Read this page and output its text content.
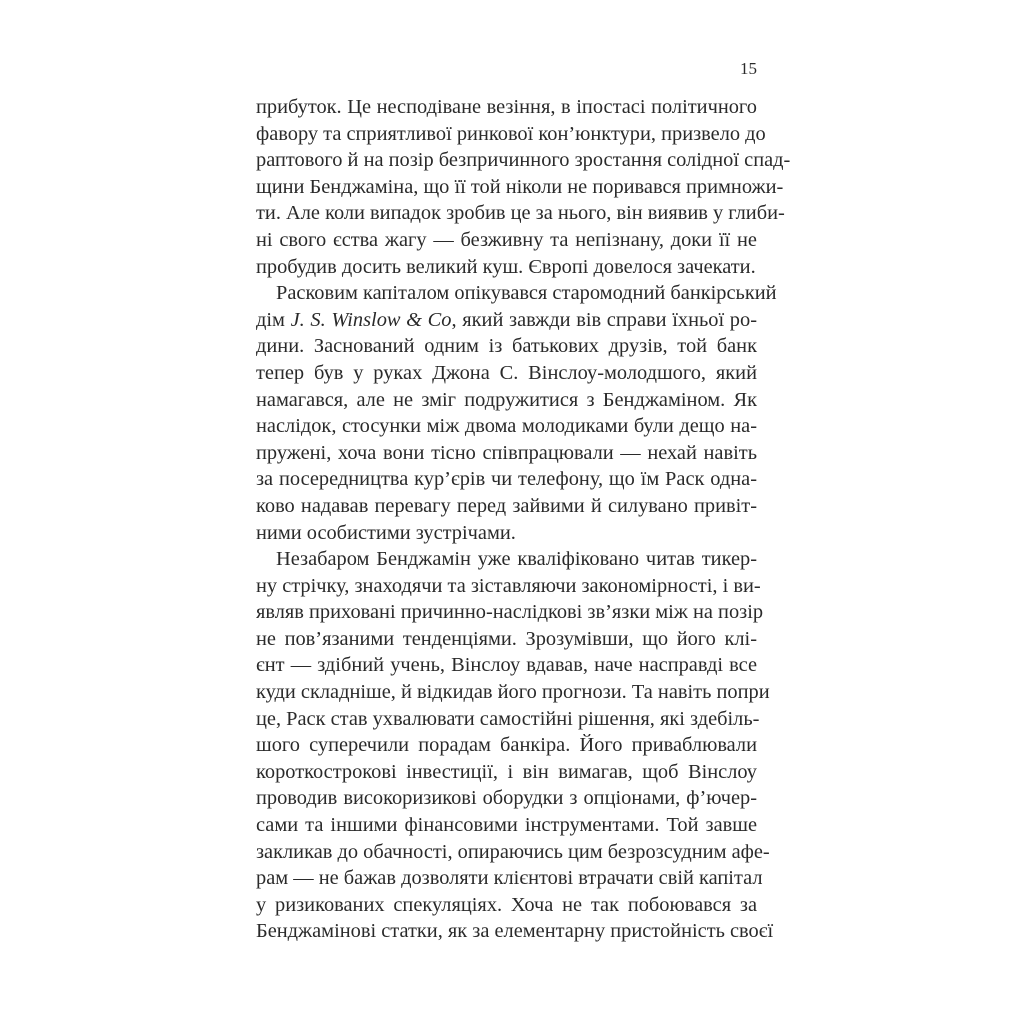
15
прибуток. Це несподіване везіння, в іпостасі політичного
фавору та сприятливої ринкової кон’юнктури, призвело до
раптового й на позір безпричинного зростання солідної спад-
щини Бенджаміна, що її той ніколи не поривався примножи-
ти. Але коли випадок зробив це за нього, він виявив у глиби-
ні свого єства жагу — безживну та непізнану, доки її не
пробудив досить великий куш. Європі довелося зачекати.
Расковим капіталом опікувався старомодний банкірський
дім J. S. Winslow & Co, який завжди вів справи їхньої ро-
дини. Заснований одним із батькових друзів, той банк
тепер був у руках Джона С. Вінслоу-молодшого, який
намагався, але не зміг подружитися з Бенджаміном. Як
наслідок, стосунки між двома молодиками були дещо на-
пружені, хоча вони тісно співпрацювали — нехай навіть
за посередництва кур’єрів чи телефону, що їм Раск одна-
ково надавав перевагу перед зайвими й силувано привіт-
ними особистими зустрічами.
Незабаром Бенджамін уже кваліфіковано читав тикер-
ну стрічку, знаходячи та зіставляючи закономірності, і ви-
являв приховані причинно-наслідкові зв’язки між на позір
не пов’язаними тенденціями. Зрозумівши, що його клі-
єнт — здібний учень, Вінслоу вдавав, наче насправді все
куди складніше, й відкидав його прогнози. Та навіть попри
це, Раск став ухвалювати самостійні рішення, які здебіль-
шого суперечили порадам банкіра. Його приваблювали
короткострокові інвестиції, і він вимагав, щоб Вінслоу
проводив високоризикові оборудки з опціонами, ф’ючер-
сами та іншими фінансовими інструментами. Той завше
закликав до обачності, опираючись цим безрозсудним афе-
рам — не бажав дозволяти клієнтові втрачати свій капітал
у ризикованих спекуляціях. Хоча не так побоювався за
Бенджамінові статки, як за елементарну пристойність своєї
